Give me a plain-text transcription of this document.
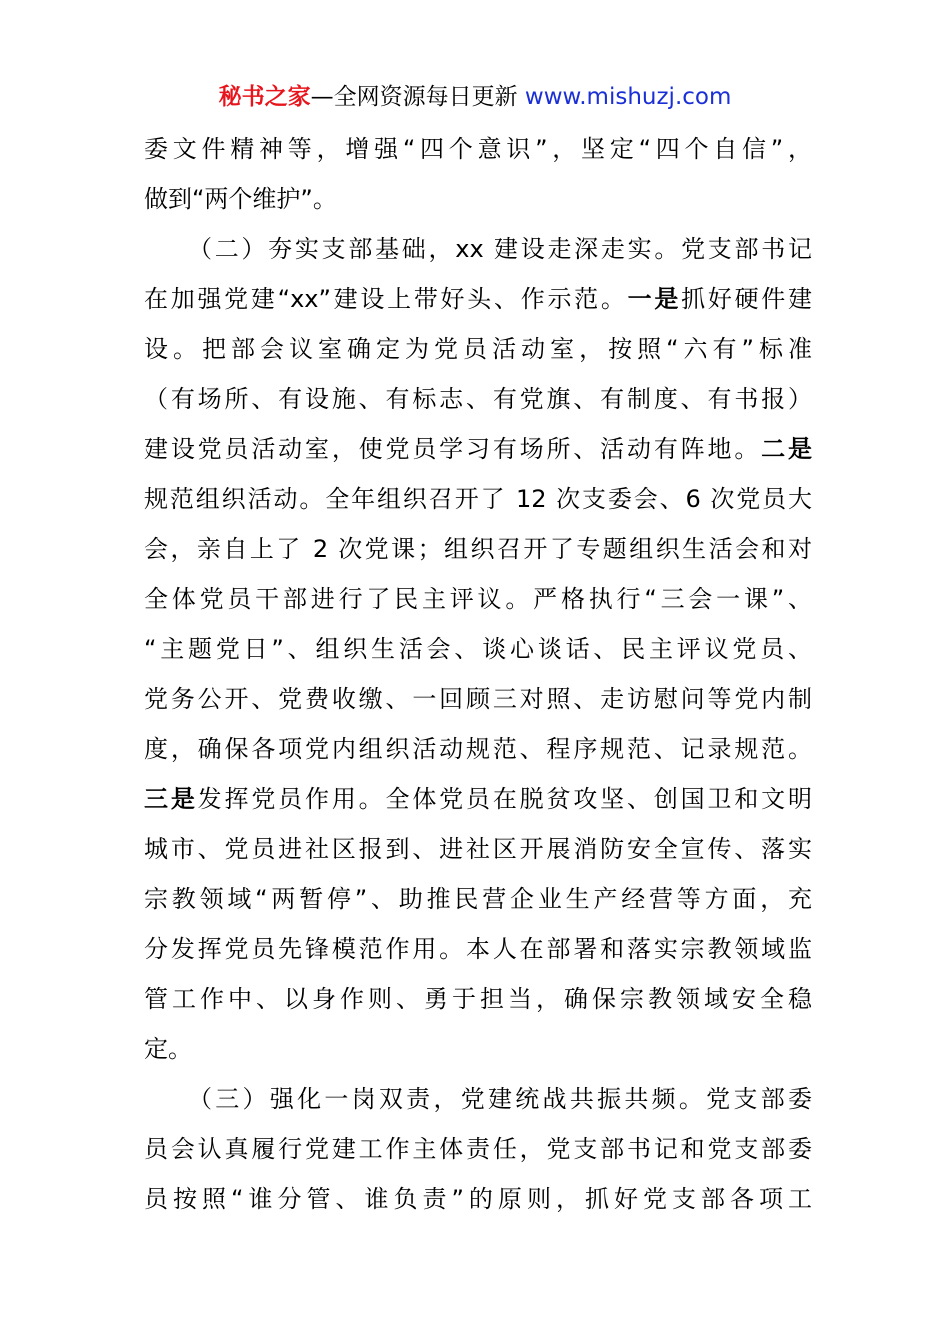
秘书之家—全网资源每日更新 www.mishuzj.com
委文件精神等，增强“四个意识”，坚定“四个自信”，
做到“两个维护”。
（二）夯实支部基础，xx 建设走深走实。党支部书记
在加强党建“xx”建设上带好头、作示范。一是抓好硬件建
设。把部会议室确定为党员活动室，按照“六有”标准
（有场所、有设施、有标志、有党旗、有制度、有书报）
建设党员活动室，使党员学习有场所、活动有阵地。二是
规范组织活动。全年组织召开了 12 次支委会、6 次党员大
会，亲自上了 2 次党课；组织召开了专题组织生活会和对
全体党员干部进行了民主评议。严格执行“三会一课”、
“主题党日”、组织生活会、谈心谈话、民主评议党员、
党务公开、党费收缴、一回顾三对照、走访慰问等党内制
度，确保各项党内组织活动规范、程序规范、记录规范。
三是发挥党员作用。全体党员在脱贫攻坚、创国卫和文明
城市、党员进社区报到、进社区开展消防安全宣传、落实
宗教领域“两暂停”、助推民营企业生产经营等方面，充
分发挥党员先锋模范作用。本人在部署和落实宗教领域监
管工作中、以身作则、勇于担当，确保宗教领域安全稳
定。
（三）强化一岗双责，党建统战共振共频。党支部委
员会认真履行党建工作主体责任，党支部书记和党支部委
员按照“谁分管、谁负责”的原则，抓好党支部各项工
